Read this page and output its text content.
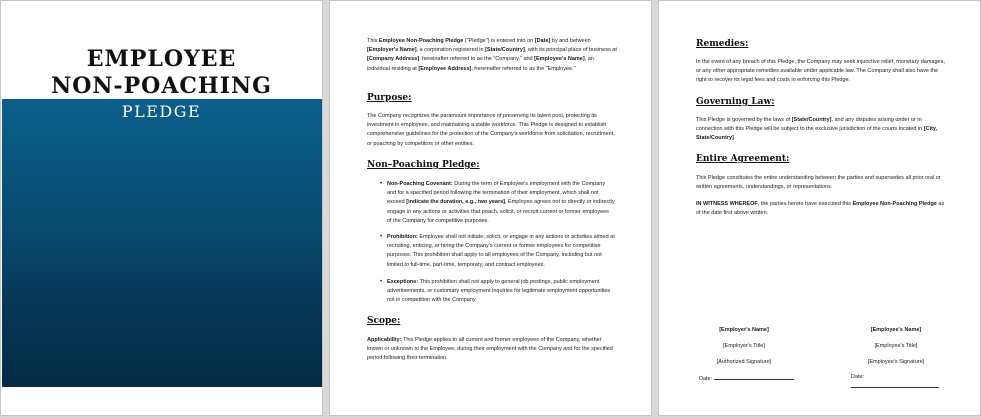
EMPLOYEE
NON-POACHING
PLEDGE
This Employee Non-Poaching Pledge ("Pledge") is entered into on [Date] by and between [Employer's Name], a corporation registered in [State/Country], with its principal place of business at [Company Address], hereinafter referred to as the "Company," and [Employee's Name], an individual residing at [Employee Address], hereinafter referred to as the "Employee."
Purpose:
The Company recognizes the paramount importance of preserving its talent pool, protecting its investment in employees, and maintaining a stable workforce. This Pledge is designed to establish comprehensive guidelines for the protection of the Company's workforce from solicitation, recruitment, or poaching by competitors or other entities.
Non–Poaching Pledge:
• Non-Poaching Covenant: During the term of Employee's employment with the Company and for a specified period following the termination of their employment, which shall not exceed [indicate the duration, e.g., two years], Employee agrees not to directly or indirectly engage in any actions or activities that poach, solicit, or recruit current or former employees of the Company for competitive purposes.
• Prohibition: Employee shall not initiate, solicit, or engage in any actions or activities aimed at recruiting, enticing, or hiring the Company's current or former employees for competitive purposes. This prohibition shall apply to all employees of the Company, including but not limited to full-time, part-time, temporary, and contract employees.
• Exceptions: This prohibition shall not apply to general job postings, public employment advertisements, or customary employment inquiries for legitimate employment opportunities not in competition with the Company.
Scope:
Applicability: This Pledge applies to all current and former employees of the Company, whether known or unknown to the Employee, during their employment with the Company and for the specified period following their termination.
Remedies:
In the event of any breach of this Pledge, the Company may seek injunctive relief, monetary damages, or any other appropriate remedies available under applicable law. The Company shall also have the right to recover its legal fees and costs in enforcing this Pledge.
Governing Law:
This Pledge is governed by the laws of [State/Country], and any disputes arising under or in connection with this Pledge will be subject to the exclusive jurisdiction of the courts located in [City, State/Country].
Entire Agreement:
This Pledge constitutes the entire understanding between the parties and supersedes all prior oral or written agreements, understandings, or representations.
IN WITNESS WHEREOF, the parties hereto have executed this Employee Non-Poaching Pledge as of the date first above written.
[Employer's Name]
[Employer's Title]
[Authorized Signature]
Date:
[Employee's Name]
[Employee's Title]
[Employee's Signature]
Date:
